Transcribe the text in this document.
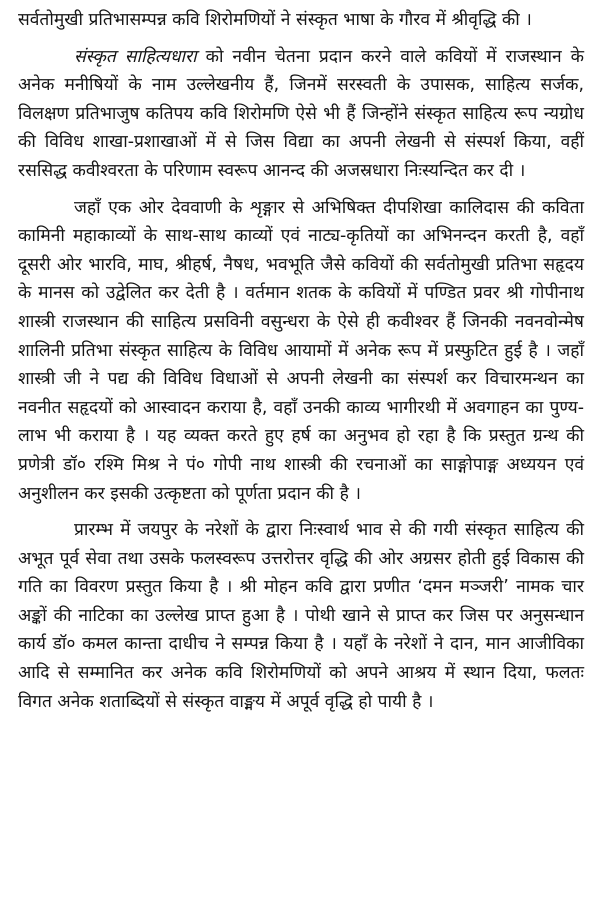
सर्वतोमुखी प्रतिभासम्पन्न कवि शिरोमणियों ने संस्कृत भाषा के गौरव में श्रीवृद्धि की ।

संस्कृत साहित्यधारा को नवीन चेतना प्रदान करने वाले कवियों में राजस्थान के अनेक मनीषियों के नाम उल्लेखनीय हैं, जिनमें सरस्वती के उपासक, साहित्य सर्जक, विलक्षण प्रतिभाजुष कतिपय कवि शिरोमणि ऐसे भी हैं जिन्होंने संस्कृत साहित्य रूप न्यग्रोध की विविध शाखा-प्रशाखाओं में से जिस विद्या का अपनी लेखनी से संस्पर्श किया, वहीं रससिद्ध कवीश्वरता के परिणाम स्वरूप आनन्द की अजस्रधारा निःस्यन्दित कर दी ।

जहाँ एक ओर देववाणी के शृङ्गार से अभिषिक्त दीपशिखा कालिदास की कविता कामिनी महाकाव्यों के साथ-साथ काव्यों एवं नाट्य-कृतियों का अभिनन्दन करती है, वहाँ दूसरी ओर भारवि, माघ, श्रीहर्ष, नैषध, भवभूति जैसे कवियों की सर्वतोमुखी प्रतिभा सहृदय के मानस को उद्वेलित कर देती है । वर्तमान शतक के कवियों में पण्डित प्रवर श्री गोपीनाथ शास्त्री राजस्थान की साहित्य प्रसविनी वसुन्धरा के ऐसे ही कवीश्वर हैं जिनकी नवनवोन्मेष शालिनी प्रतिभा संस्कृत साहित्य के विविध आयामों में अनेक रूप में प्रस्फुटित हुई है । जहाँ शास्त्री जी ने पद्य की विविध विधाओं से अपनी लेखनी का संस्पर्श कर विचारमन्थन का नवनीत सहृदयों को आस्वादन कराया है, वहाँ उनकी काव्य भागीरथी में अवगाहन का पुण्य-लाभ भी कराया है । यह व्यक्त करते हुए हर्ष का अनुभव हो रहा है कि प्रस्तुत ग्रन्थ की प्रणेत्री डॉ० रश्मि मिश्र ने पं० गोपी नाथ शास्त्री की रचनाओं का साङ्गोपाङ्ग अध्ययन एवं अनुशीलन कर इसकी उत्कृष्टता को पूर्णता प्रदान की है ।

प्रारम्भ में जयपुर के नरेशों के द्वारा निःस्वार्थ भाव से की गयी संस्कृत साहित्य की अभूत पूर्व सेवा तथा उसके फलस्वरूप उत्तरोत्तर वृद्धि की ओर अग्रसर होती हुई विकास की गति का विवरण प्रस्तुत किया है । श्री मोहन कवि द्वारा प्रणीत ‘दमन मञ्जरी’ नामक चार अङ्कों की नाटिका का उल्लेख प्राप्त हुआ है । पोथी खाने से प्राप्त कर जिस पर अनुसन्धान कार्य डॉ० कमल कान्ता दाधीच ने सम्पन्न किया है । यहाँ के नरेशों ने दान, मान आजीविका आदि से सम्मानित कर अनेक कवि शिरोमणियों को अपने आश्रय में स्थान दिया, फलतः विगत अनेक शताब्दियों से संस्कृत वाङ्मय में अपूर्व वृद्धि हो पायी है ।
